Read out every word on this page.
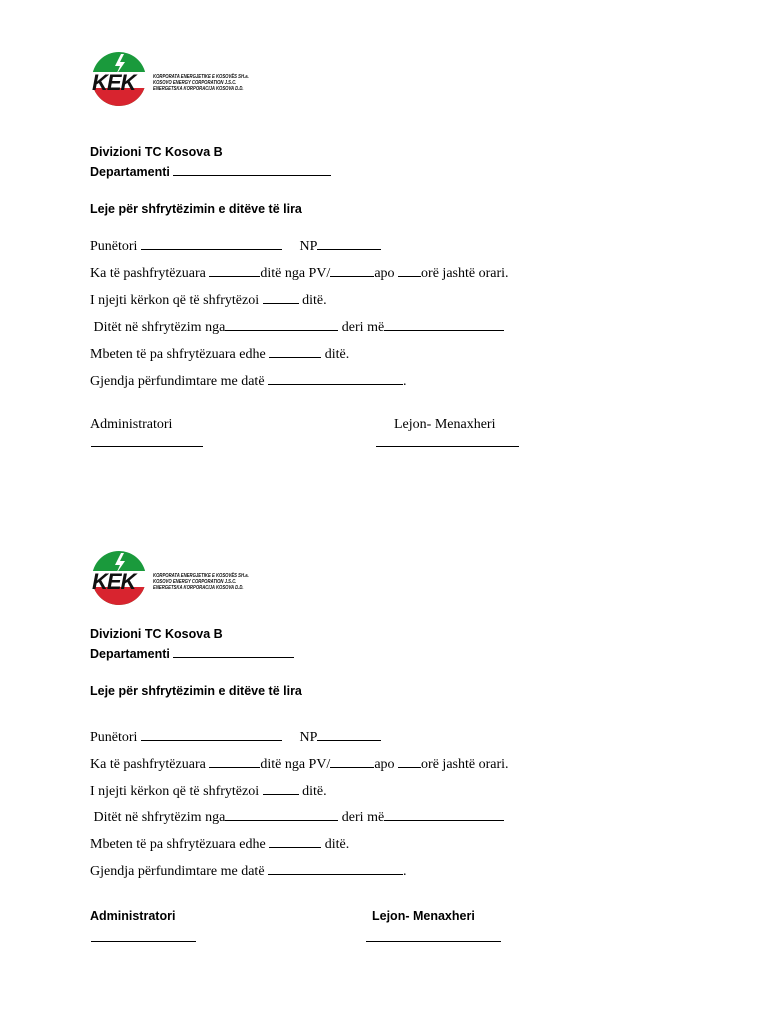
KEK	KORPORATA ENERGJETIKE E KOSOVËS SH.a.
KOSOVO ENERGY CORPORATION J.S.C.
ENERGETSKA KORPORACIJA KOSOVA D.D.
Divizioni TC Kosova B
Departamenti
Leje për shfrytëzimin e ditëve të lira
Punëtori	NP
Ka të pashfrytëzuara	ditë nga PV/	apo orë jashtë orari.
I njejti kërkon që të shfrytëzoi	ditë.
Ditët në shfrytëzim nga	deri më
Mbeten të pa shfrytëzuara edhe	ditë.
Gjendja përfundimtare me datë	.
Administratori	Lejon- Menaxheri
KEK	KORPORATA ENERGJETIKE E KOSOVËS SH.a.
KOSOVO ENERGY CORPORATION J.S.C.
ENERGETSKA KORPORACIJA KOSOVA D.D.
Divizioni TC Kosova B
Departamenti
Leje për shfrytëzimin e ditëve të lira
Punëtori	NP
Ka të pashfrytëzuara	ditë nga PV/	apo orë jashtë orari.
I njejti kërkon që të shfrytëzoi	ditë.
Ditët në shfrytëzim nga	deri më
Mbeten të pa shfrytëzuara edhe	ditë.
Gjendja përfundimtare me datë	.
Administratori	Lejon- Menaxheri
